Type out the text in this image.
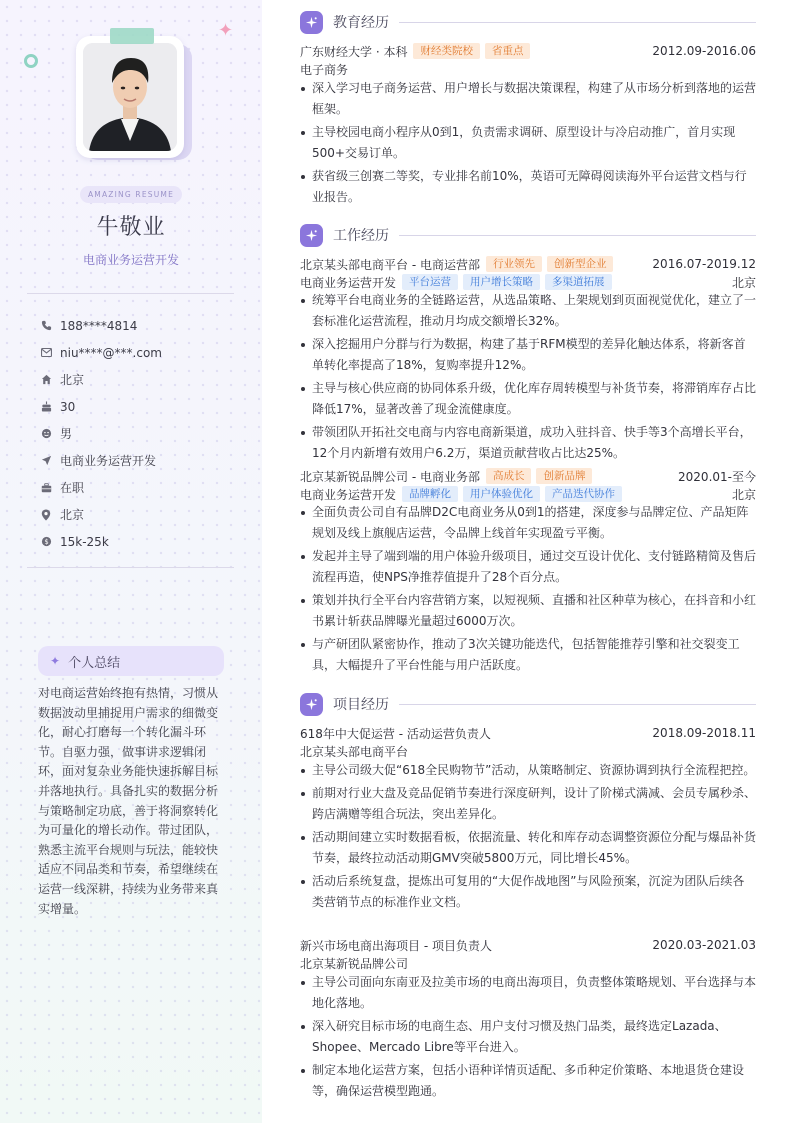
✦
AMAZING RESUME
牛敬业
电商业务运营开发
188****4814
niu****@***.com
北京
30
男
电商业务运营开发
在职
北京
$ 15k-25k
✦ 个人总结
对电商运营始终抱有热情，习惯从数据波动里捕捉用户需求的细微变化，耐心打磨每一个转化漏斗环节。自驱力强，做事讲求逻辑闭环，面对复杂业务能快速拆解目标并落地执行。具备扎实的数据分析与策略制定功底，善于将洞察转化为可量化的增长动作。带过团队，熟悉主流平台规则与玩法，能较快适应不同品类和节奏，希望继续在运营一线深耕，持续为业务带来真实增量。
教育经历
广东财经大学 · 本科	财经类院校	省重点	2012.09-2016.06
电子商务
深入学习电子商务运营、用户增长与数据决策课程，构建了从市场分析到落地的运营框架。
主导校园电商小程序从0到1，负责需求调研、原型设计与冷启动推广，首月实现500+交易订单。
获省级三创赛二等奖，专业排名前10%，英语可无障碍阅读海外平台运营文档与行业报告。
工作经历
北京某头部电商平台 - 电商运营部	行业领先	创新型企业	2016.07-2019.12
电商业务运营开发	平台运营	用户增长策略	多渠道拓展	北京
统筹平台电商业务的全链路运营，从选品策略、上架规划到页面视觉优化，建立了一套标准化运营流程，推动月均成交额增长32%。
深入挖掘用户分群与行为数据，构建了基于RFM模型的差异化触达体系，将新客首单转化率提高了18%，复购率提升12%。
主导与核心供应商的协同体系升级，优化库存周转模型与补货节奏，将滞销库存占比降低17%，显著改善了现金流健康度。
带领团队开拓社交电商与内容电商新渠道，成功入驻抖音、快手等3个高增长平台，12个月内新增有效用户6.2万，渠道贡献营收占比达25%。
北京某新锐品牌公司 - 电商业务部	高成长	创新品牌	2020.01-至今
电商业务运营开发	品牌孵化	用户体验优化	产品迭代协作	北京
全面负责公司自有品牌D2C电商业务从0到1的搭建，深度参与品牌定位、产品矩阵规划及线上旗舰店运营，令品牌上线首年实现盈亏平衡。
发起并主导了端到端的用户体验升级项目，通过交互设计优化、支付链路精简及售后流程再造，使NPS净推荐值提升了28个百分点。
策划并执行全平台内容营销方案，以短视频、直播和社区种草为核心，在抖音和小红书累计斩获品牌曝光量超过6000万次。
与产研团队紧密协作，推动了3次关键功能迭代，包括智能推荐引擎和社交裂变工具，大幅提升了平台性能与用户活跃度。
项目经历
618年中大促运营 - 活动运营负责人	2018.09-2018.11
北京某头部电商平台
主导公司级大促“618全民购物节”活动，从策略制定、资源协调到执行全流程把控。
前期对行业大盘及竞品促销节奏进行深度研判，设计了阶梯式满减、会员专属秒杀、跨店满赠等组合玩法，突出差异化。
活动期间建立实时数据看板，依据流量、转化和库存动态调整资源位分配与爆品补货节奏，最终拉动活动期GMV突破5800万元，同比增长45%。
活动后系统复盘，提炼出可复用的“大促作战地图”与风险预案，沉淀为团队后续各类营销节点的标准作业文档。
新兴市场电商出海项目 - 项目负责人	2020.03-2021.03
北京某新锐品牌公司
主导公司面向东南亚及拉美市场的电商出海项目，负责整体策略规划、平台选择与本地化落地。
深入研究目标市场的电商生态、用户支付习惯及热门品类，最终选定Lazada、Shopee、Mercado Libre等平台进入。
制定本地化运营方案，包括小语种详情页适配、多币种定价策略、本地退货仓建设等，确保运营模型跑通。
